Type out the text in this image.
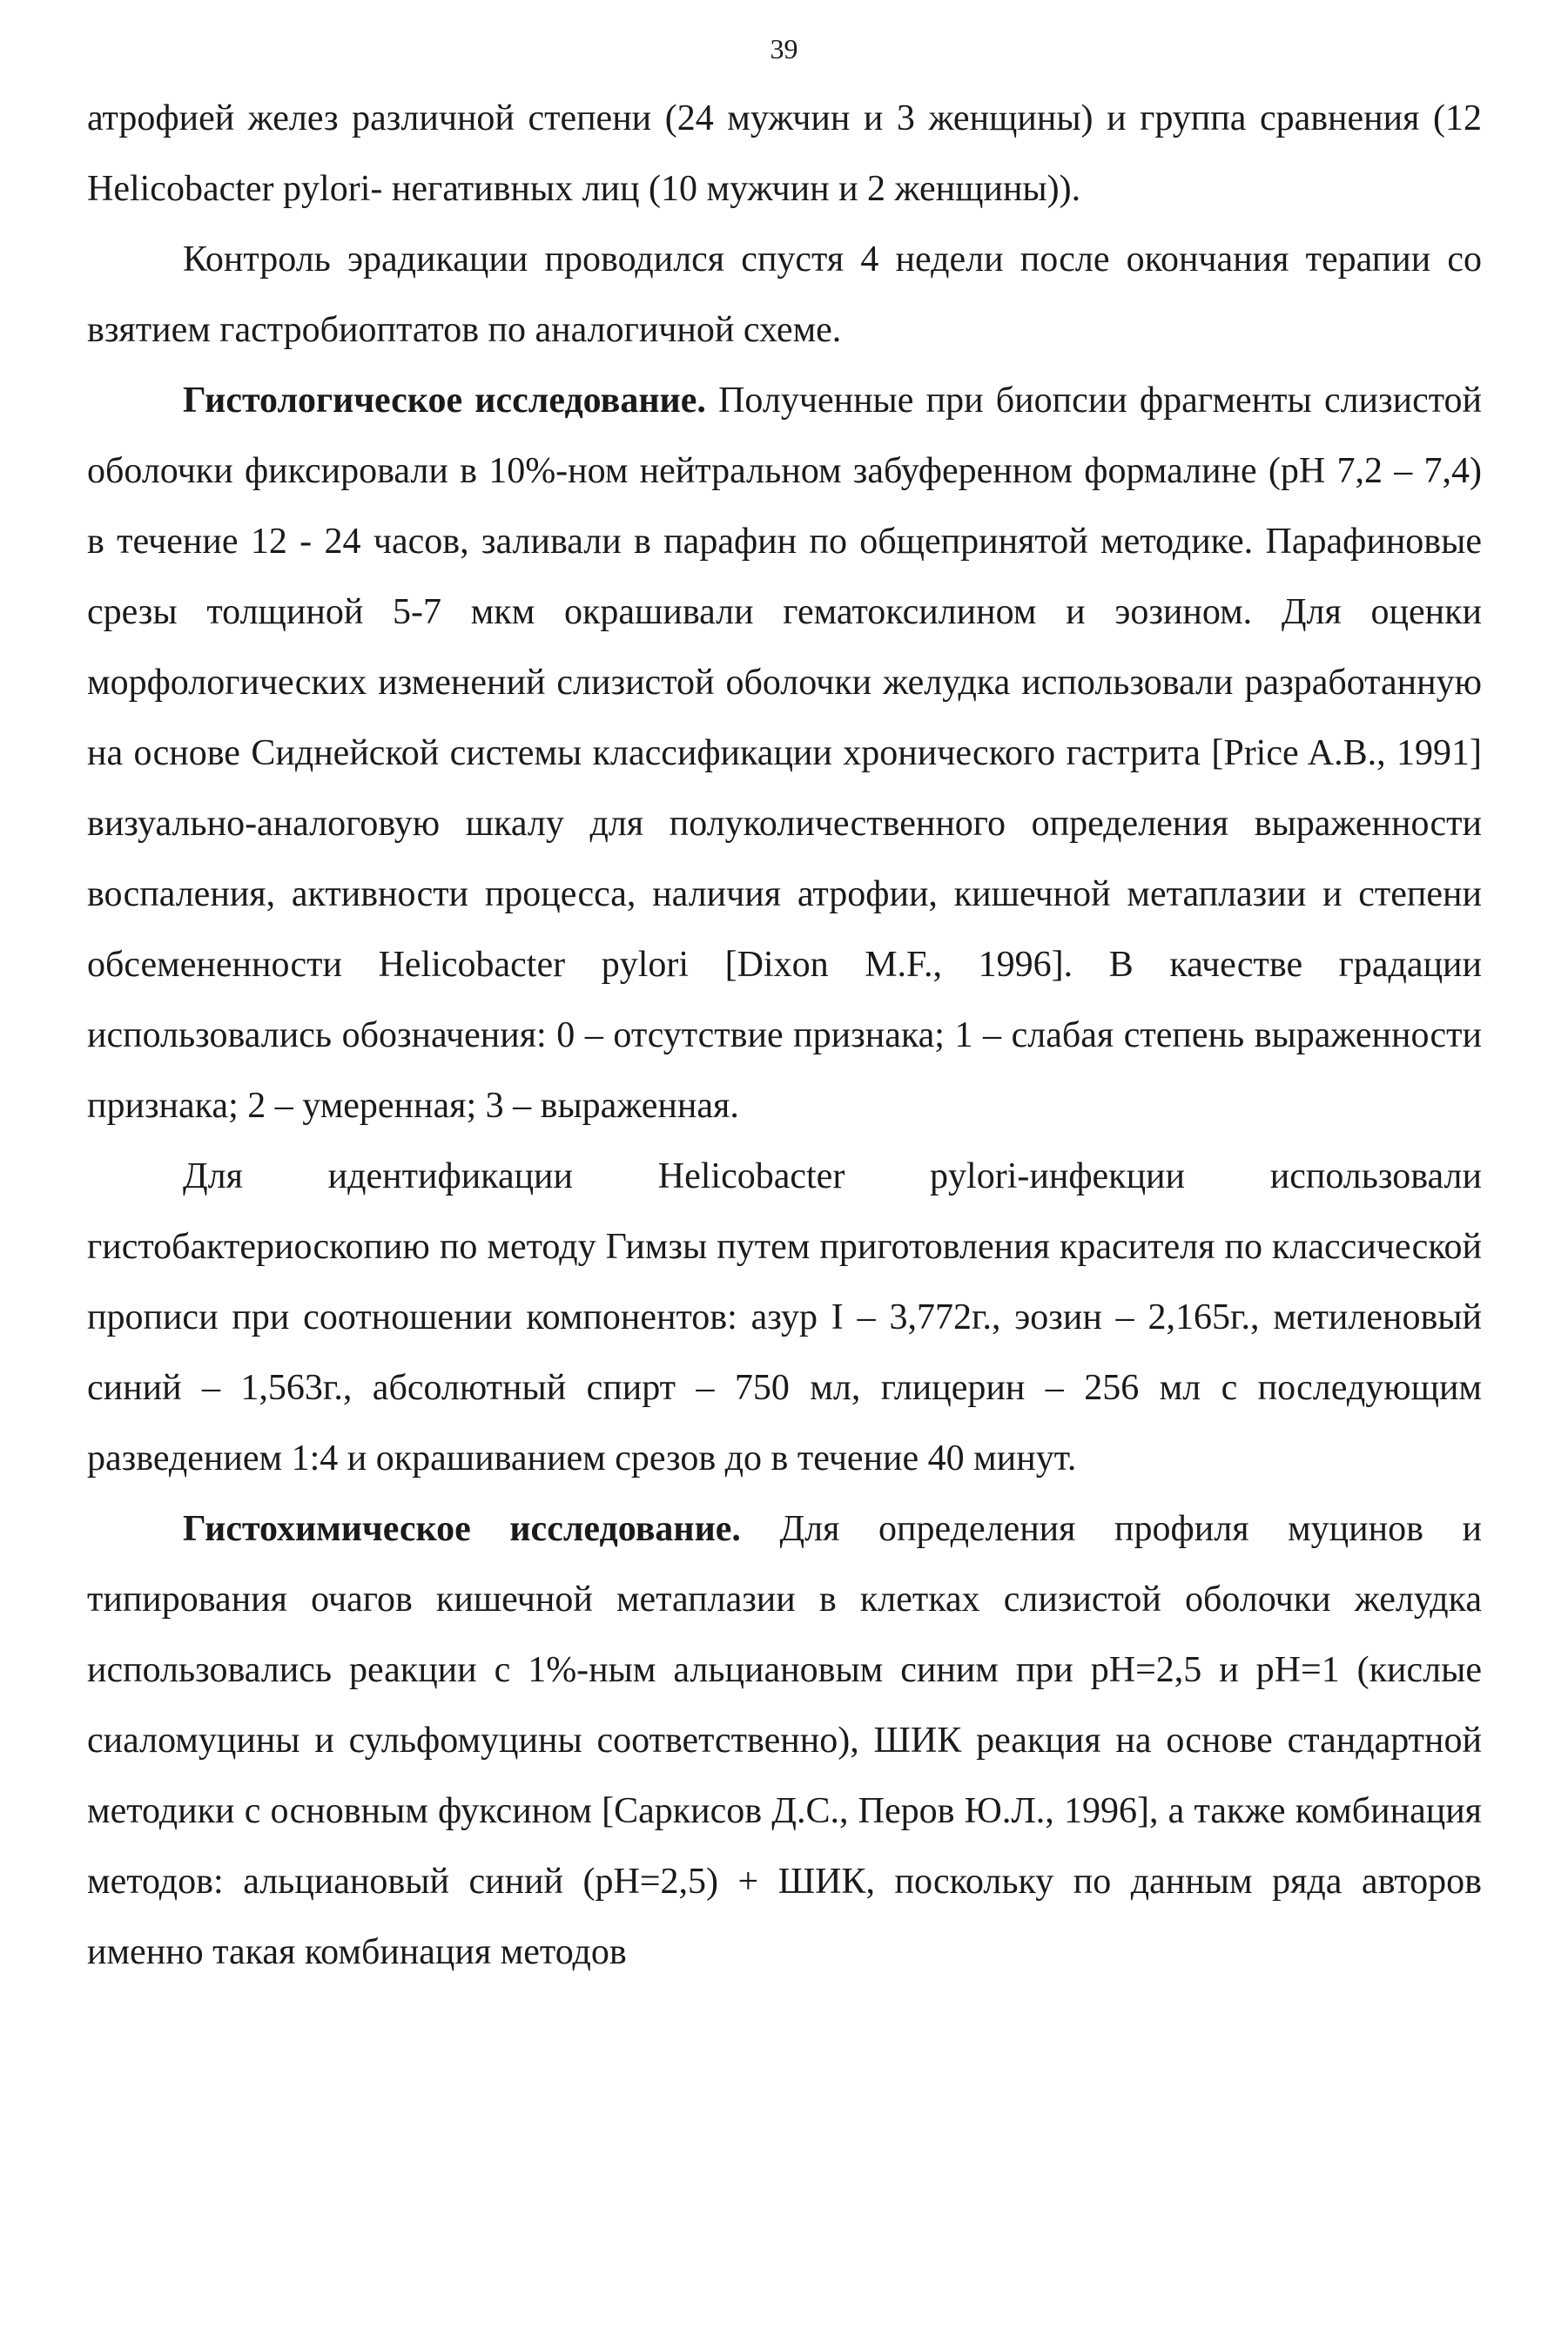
39

атрофией желез различной степени (24 мужчин и 3 женщины) и группа сравнения (12 Helicobacter pylori- негативных лиц (10 мужчин и 2 женщины)).

Контроль эрадикации проводился спустя 4 недели после окончания терапии со взятием гастробиоптатов по аналогичной схеме.

Гистологическое исследование. Полученные при биопсии фрагменты слизистой оболочки фиксировали в 10%-ном нейтральном забуференном формалине (pH 7,2 – 7,4) в течение 12 - 24 часов, заливали в парафин по общепринятой методике. Парафиновые срезы толщиной 5-7 мкм окрашивали гематоксилином и эозином. Для оценки морфологических изменений слизистой оболочки желудка использовали разработанную на основе Сиднейской системы классификации хронического гастрита [Price A.B., 1991] визуально-аналоговую шкалу для полуколичественного определения выраженности воспаления, активности процесса, наличия атрофии, кишечной метаплазии и степени обсемененности Helicobacter pylori [Dixon M.F., 1996]. В качестве градации использовались обозначения: 0 – отсутствие признака; 1 – слабая степень выраженности признака; 2 – умеренная; 3 – выраженная.

Для идентификации Helicobacter pylori-инфекции использовали гистобактериоскопию по методу Гимзы путем приготовления красителя по классической прописи при соотношении компонентов: азур I – 3,772г., эозин – 2,165г., метиленовый синий – 1,563г., абсолютный спирт – 750 мл, глицерин – 256 мл с последующим разведением 1:4 и окрашиванием срезов до в течение 40 минут.

Гистохимическое исследование. Для определения профиля муцинов и типирования очагов кишечной метаплазии в клетках слизистой оболочки желудка использовались реакции с 1%-ным альциановым синим при pH=2,5 и pH=1 (кислые сиаломуцины и сульфомуцины соответственно), ШИК реакция на основе стандартной методики с основным фуксином [Саркисов Д.С., Перов Ю.Л., 1996], а также комбинация методов: альциановый синий (pH=2,5) + ШИК, поскольку по данным ряда авторов именно такая комбинация методов
